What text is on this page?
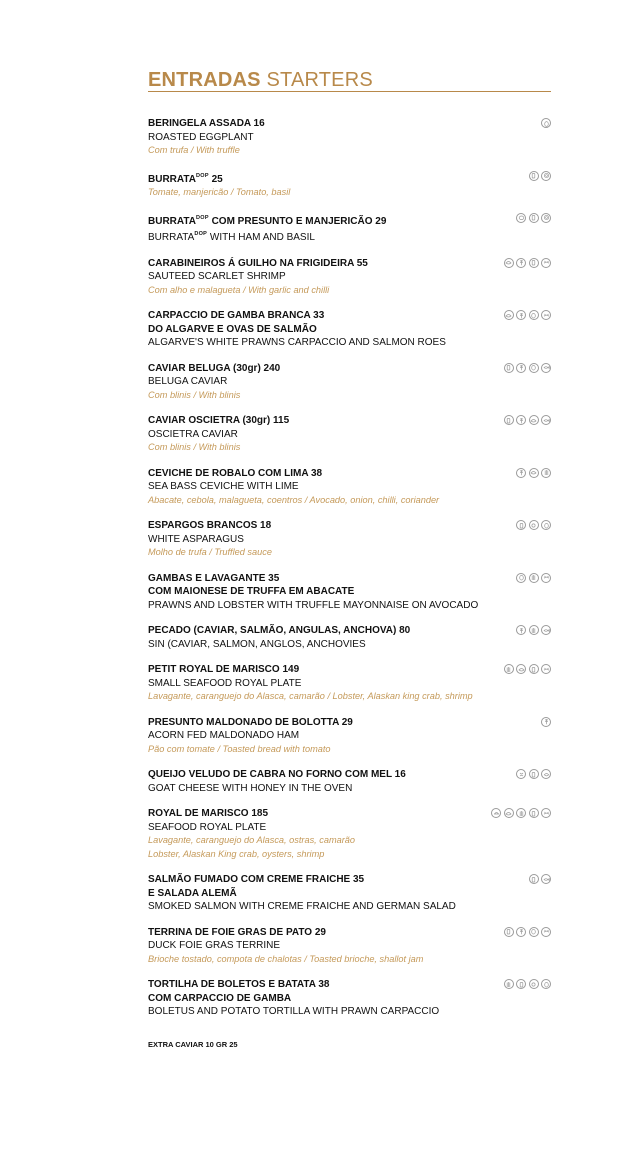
ENTRADAS STARTERS
BERINGELA ASSADA 16
ROASTED EGGPLANT
Com trufa / With truffle
$BURRATA^{DOP}$ 25
Tomate, manjericão / Tomato, basil
$BURRATA^{DOP}$ COM PRESUNTO E MANJERICÃO 29
$BURRATA^{DOP}$ WITH HAM AND BASIL
CARABINEIROS Á GUILHO NA FRIGIDEIRA 55
SAUTEED SCARLET SHRIMP
Com alho e malagueta / With garlic and chilli
CARPACCIO DE GAMBA BRANCA 33
DO ALGARVE E OVAS DE SALMÃO
ALGARVE'S WHITE PRAWNS CARPACCIO AND SALMON ROES
CAVIAR BELUGA (30gr) 240
BELUGA CAVIAR
Com blinis / With blinis
CAVIAR OSCIETRA (30gr) 115
OSCIETRA CAVIAR
Com blinis / With blinis
CEVICHE DE ROBALO COM LIMA 38
SEA BASS CEVICHE WITH LIME
Abacate, cebola, malagueta, coentros / Avocado, onion, chilli, coriander
ESPARGOS BRANCOS 18
WHITE ASPARAGUS
Molho de trufa / Truffled sauce
GAMBAS E LAVAGANTE 35
COM MAIONESE DE TRUFFA EM ABACATE
PRAWNS AND LOBSTER WITH TRUFFLE MAYONNAISE ON AVOCADO
PECADO (CAVIAR, SALMÃO, ANGULAS, ANCHOVA) 80
SIN (CAVIAR, SALMON, ANGLOS, ANCHOVIES
PETIT ROYAL DE MARISCO 149
SMALL SEAFOOD ROYAL PLATE
Lavagante, caranguejo do Alasca, camarão / Lobster, Alaskan king crab, shrimp
PRESUNTO MALDONADO DE BOLOTTA 29
ACORN FED MALDONADO HAM
Pão com tomate / Toasted bread with tomato
QUEIJO VELUDO DE CABRA NO FORNO COM MEL 16
GOAT CHEESE WITH HONEY IN THE OVEN
ROYAL DE MARISCO 185
SEAFOOD ROYAL PLATE
Lavagante, caranguejo do Alasca, ostras, camarão
Lobster, Alaskan King crab, oysters, shrimp
SALMÃO FUMADO COM CREME FRAICHE 35
E SALADA ALEMÃ
SMOKED SALMON WITH CREME FRAICHE AND GERMAN SALAD
TERRINA DE FOIE GRAS DE PATO 29
DUCK FOIE GRAS TERRINE
Brioche tostado, compota de chalotas / Toasted brioche, shallot jam
TORTILHA DE BOLETOS E BATATA 38
COM CARPACCIO DE GAMBA
BOLETUS AND POTATO TORTILLA WITH PRAWN CARPACCIO
EXTRA CAVIAR 10 GR 25
